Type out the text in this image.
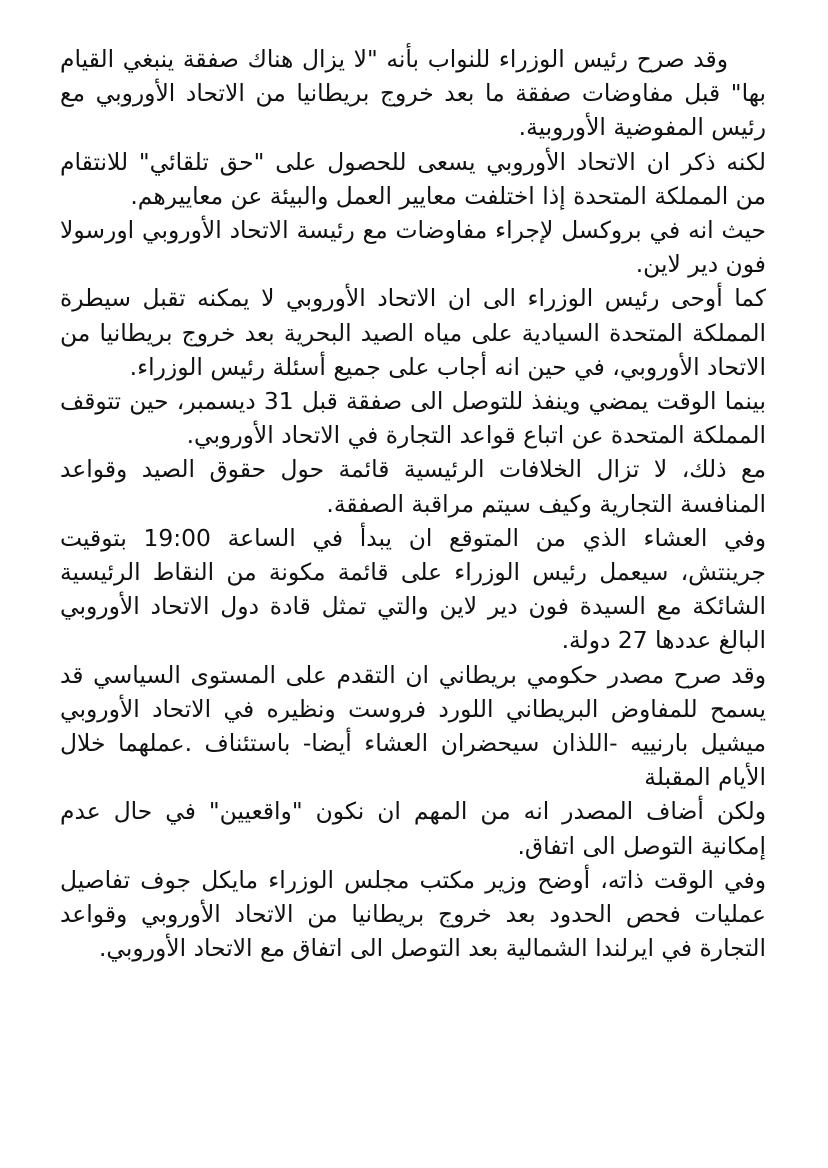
وقد صرح رئيس الوزراء للنواب بأنه "لا يزال هناك صفقة ينبغي القيام بها" قبل مفاوضات صفقة ما بعد خروج بريطانيا من الاتحاد الأوروبي مع رئيس المفوضية الأوروبية.

لكنه ذكر ان الاتحاد الأوروبي يسعى للحصول على "حق تلقائي" للانتقام من المملكة المتحدة إذا اختلفت معايير العمل والبيئة عن معاييرهم.

حيث انه في بروكسل لإجراء مفاوضات مع رئيسة الاتحاد الأوروبي اورسولا فون دير لاين.

كما أوحى رئيس الوزراء الى ان الاتحاد الأوروبي لا يمكنه تقبل سيطرة المملكة المتحدة السيادية على مياه الصيد البحرية بعد خروج بريطانيا من الاتحاد الأوروبي، في حين انه أجاب على جميع أسئلة رئيس الوزراء.

بينما الوقت يمضي وينفذ للتوصل الى صفقة قبل 31 ديسمبر، حين تتوقف المملكة المتحدة عن اتباع قواعد التجارة في الاتحاد الأوروبي.

مع ذلك، لا تزال الخلافات الرئيسية قائمة حول حقوق الصيد وقواعد المنافسة التجارية وكيف سيتم مراقبة الصفقة.

وفي العشاء الذي من المتوقع ان يبدأ في الساعة 19:00 بتوقيت جرينتش، سيعمل رئيس الوزراء على قائمة مكونة من النقاط الرئيسية الشائكة مع السيدة فون دير لاين والتي تمثل قادة دول الاتحاد الأوروبي البالغ عددها 27 دولة.

وقد صرح مصدر حكومي بريطاني ان التقدم على المستوى السياسي قد يسمح للمفاوض البريطاني اللورد فروست ونظيره في الاتحاد الأوروبي ميشيل بارنييه -اللذان سيحضران العشاء أيضا- باستئناف .عملهما خلال الأيام المقبلة

ولكن أضاف المصدر انه من المهم ان نكون "واقعيين" في حال عدم إمكانية التوصل الى اتفاق.

وفي الوقت ذاته، أوضح وزير مكتب مجلس الوزراء مايكل جوف تفاصيل عمليات فحص الحدود بعد خروج بريطانيا من الاتحاد الأوروبي وقواعد التجارة في ايرلندا الشمالية بعد التوصل الى اتفاق مع الاتحاد الأوروبي.
